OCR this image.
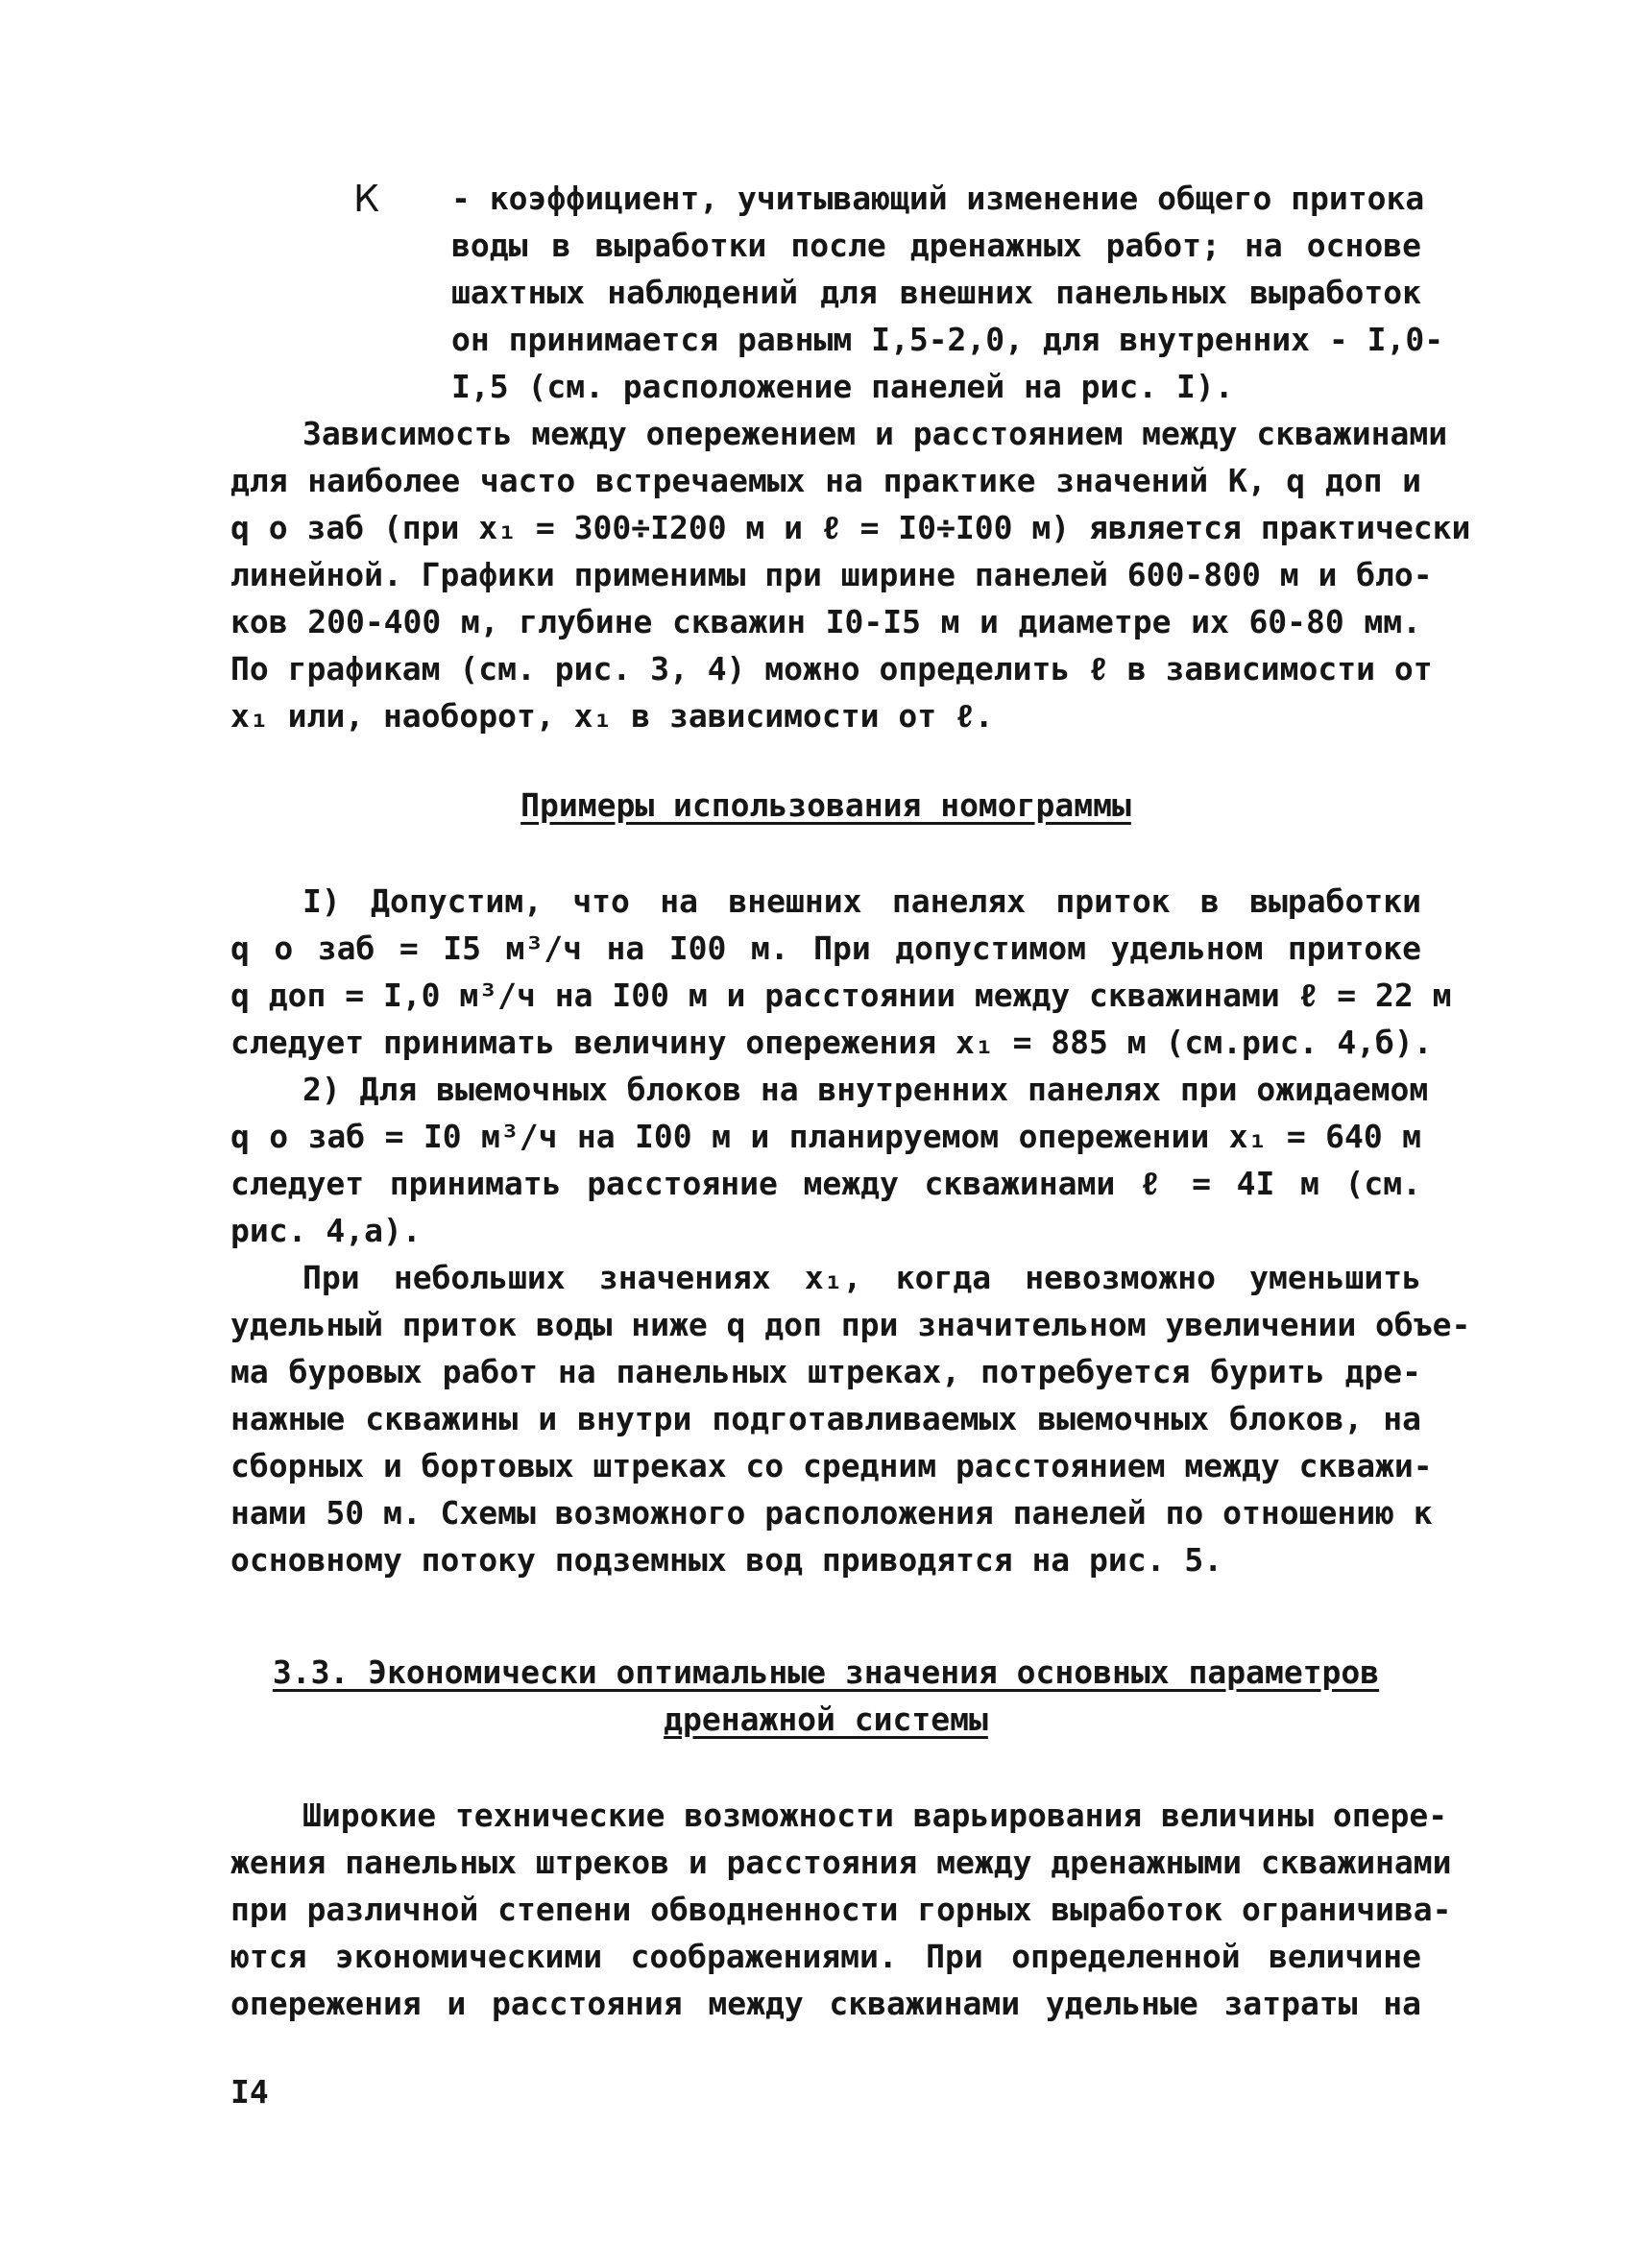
К - коэффициент, учитывающий изменение общего притока
воды в выработки после дренажных работ; на основе
шахтных наблюдений для внешних панельных выработок
он принимается равным I,5-2,0, для внутренних - I,0-
I,5 (см. расположение панелей на рис. I).
Зависимость между опережением и расстоянием между скважинами
для наиболее часто встречаемых на практике значений К, q доп и
q о заб (при x₁ = 300÷I200 м и ℓ = I0÷I00 м) является практически
линейной. Графики применимы при ширине панелей 600-800 м и бло-
ков 200-400 м, глубине скважин I0-I5 м и диаметре их 60-80 мм.
По графикам (см. рис. 3, 4) можно определить ℓ в зависимости от
x₁ или, наоборот, x₁ в зависимости от ℓ.
Примеры использования номограммы
I) Допустим, что на внешних панелях приток в выработки
q о заб = I5 м³/ч на I00 м. При допустимом удельном притоке
q доп = I,0 м³/ч на I00 м и расстоянии между скважинами ℓ = 22 м
следует принимать величину опережения x₁ = 885 м (см.рис. 4,б).
2) Для выемочных блоков на внутренних панелях при ожидаемом
q о заб = I0 м³/ч на I00 м и планируемом опережении x₁ = 640 м
следует принимать расстояние между скважинами ℓ = 4I м (см.
рис. 4,а).
При небольших значениях x₁, когда невозможно уменьшить
удельный приток воды ниже q доп при значительном увеличении объе-
ма буровых работ на панельных штреках, потребуется бурить дре-
нажные скважины и внутри подготавливаемых выемочных блоков, на
сборных и бортовых штреках со средним расстоянием между скважи-
нами 50 м. Схемы возможного расположения панелей по отношению к
основному потоку подземных вод приводятся на рис. 5.
3.3. Экономически оптимальные значения основных параметров
дренажной системы
Широкие технические возможности варьирования величины опере-
жения панельных штреков и расстояния между дренажными скважинами
при различной степени обводненности горных выработок ограничива-
ются экономическими соображениями. При определенной величине
опережения и расстояния между скважинами удельные затраты на
I4
